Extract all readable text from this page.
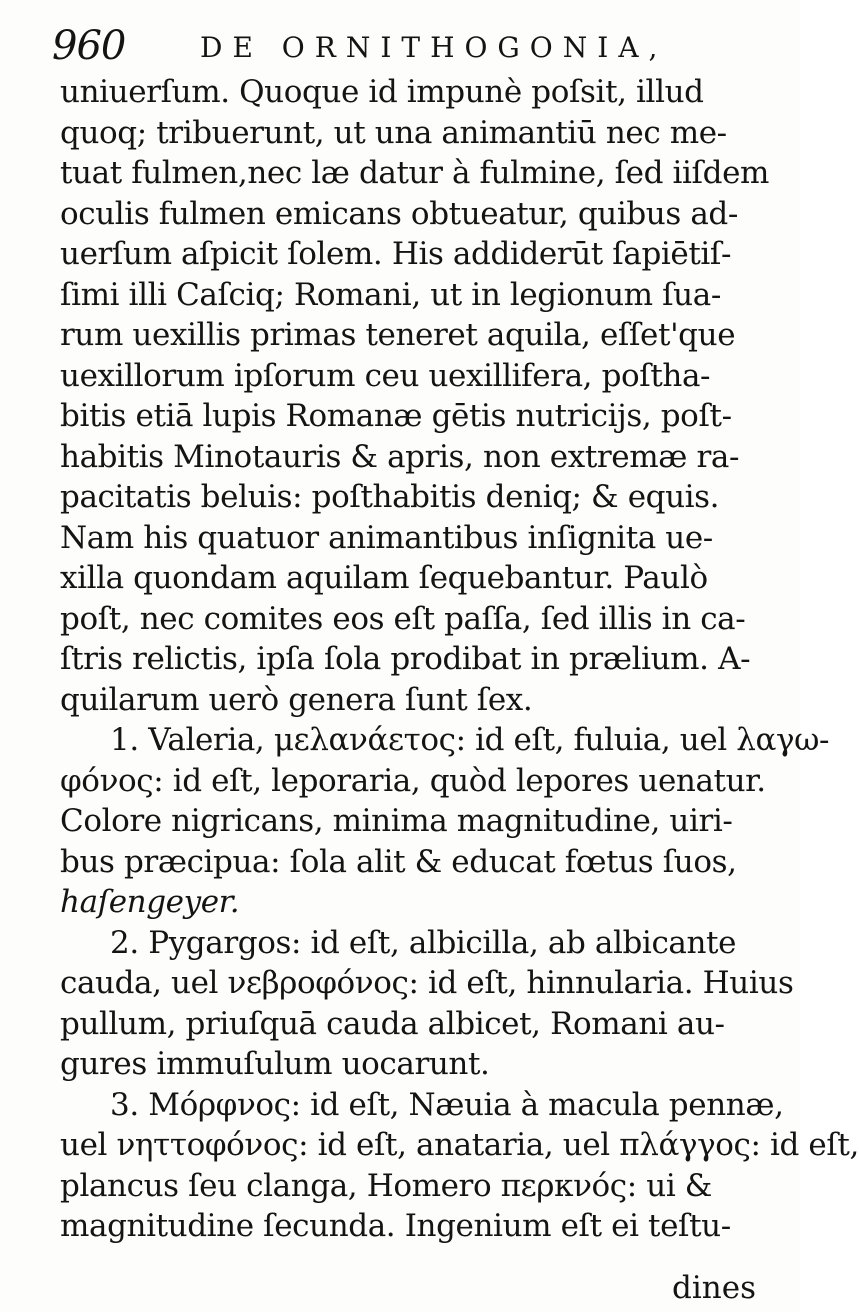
960	DE ORNITHOGONIA,
uniuerſum. Quoque id impunè poſsit, illud
quoq; tribuerunt, ut una animantiū nec me-
tuat fulmen,nec læ datur à fulmine, ſed iiſdem
oculis fulmen emicans obtueatur, quibus ad-
uerſum aſpicit ſolem. His addiderūt ſapiētiſ-
ſimi illi Caſciq; Romani, ut in legionum ſua-
rum uexillis primas teneret aquila, eſſet'que
uexillorum ipſorum ceu uexillifera, poſtha-
bitis etiā lupis Romanæ gētis nutricijs, poſt-
habitis Minotauris & apris, non extremæ ra-
pacitatis beluis: poſthabitis deniq; & equis.
Nam his quatuor animantibus inſignita ue-
xilla quondam aquilam ſequebantur. Paulò
poſt, nec comites eos eſt paſſa, ſed illis in ca-
ſtris relictis, ipſa ſola prodibat in prælium. A-
quilarum uerò genera ſunt ſex.
1. Valeria, μελανάετος: id eſt, fuluia, uel λαγω-
φόνος: id eſt, leporaria, quòd lepores uenatur.
Colore nigricans, minima magnitudine, uiri-
bus præcipua: ſola alit & educat fœtus ſuos,
haſengeyer.
2. Pygargos: id eſt, albicilla, ab albicante
cauda, uel νεβροφόνος: id eſt, hinnularia. Huius
pullum, priuſquā cauda albicet, Romani au-
gures immuſulum uocarunt.
3. Μόρφνος: id eſt, Næuia à macula pennæ,
uel νηττοφόνος: id eſt, anataria, uel πλάγγος: id eſt,
plancus ſeu clanga, Homero περκνός: ui &
magnitudine ſecunda. Ingenium eſt ei teſtu-
dines
